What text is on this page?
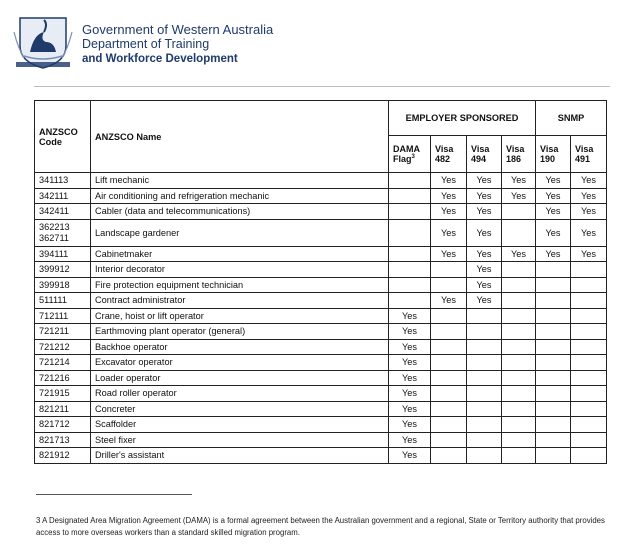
Government of Western Australia
Department of Training
and Workforce Development
ANZSCO Code	ANZSCO Name	EMPLOYER SPONSORED				SNMP	
		DAMA Flag$^3$	Visa 482	Visa 494	Visa 186	Visa 190	Visa 491
341113	Lift mechanic		Yes	Yes	Yes	Yes	Yes
342111	Air conditioning and refrigeration mechanic		Yes	Yes	Yes	Yes	Yes
342411	Cabler (data and telecommunications)		Yes	Yes		Yes	Yes

362213
362711	Landscape gardener		Yes	Yes		Yes	Yes
394111	Cabinetmaker		Yes	Yes	Yes	Yes	Yes
399912	Interior decorator			Yes			
399918	Fire protection equipment technician			Yes			
511111	Contract administrator		Yes	Yes			
712111	Crane, hoist or lift operator	Yes					
721211	Earthmoving plant operator (general)	Yes					
721212	Backhoe operator	Yes					
721214	Excavator operator	Yes					
721216	Loader operator	Yes					
721915	Road roller operator	Yes					
821211	Concreter	Yes					
821712	Scaffolder	Yes					
821713	Steel fixer	Yes					
821912	Driller's assistant	Yes					
3 A Designated Area Migration Agreement (DAMA) is a formal agreement between the Australian government and a regional, State or Territory authority that provides access to more overseas workers than a standard skilled migration program.
